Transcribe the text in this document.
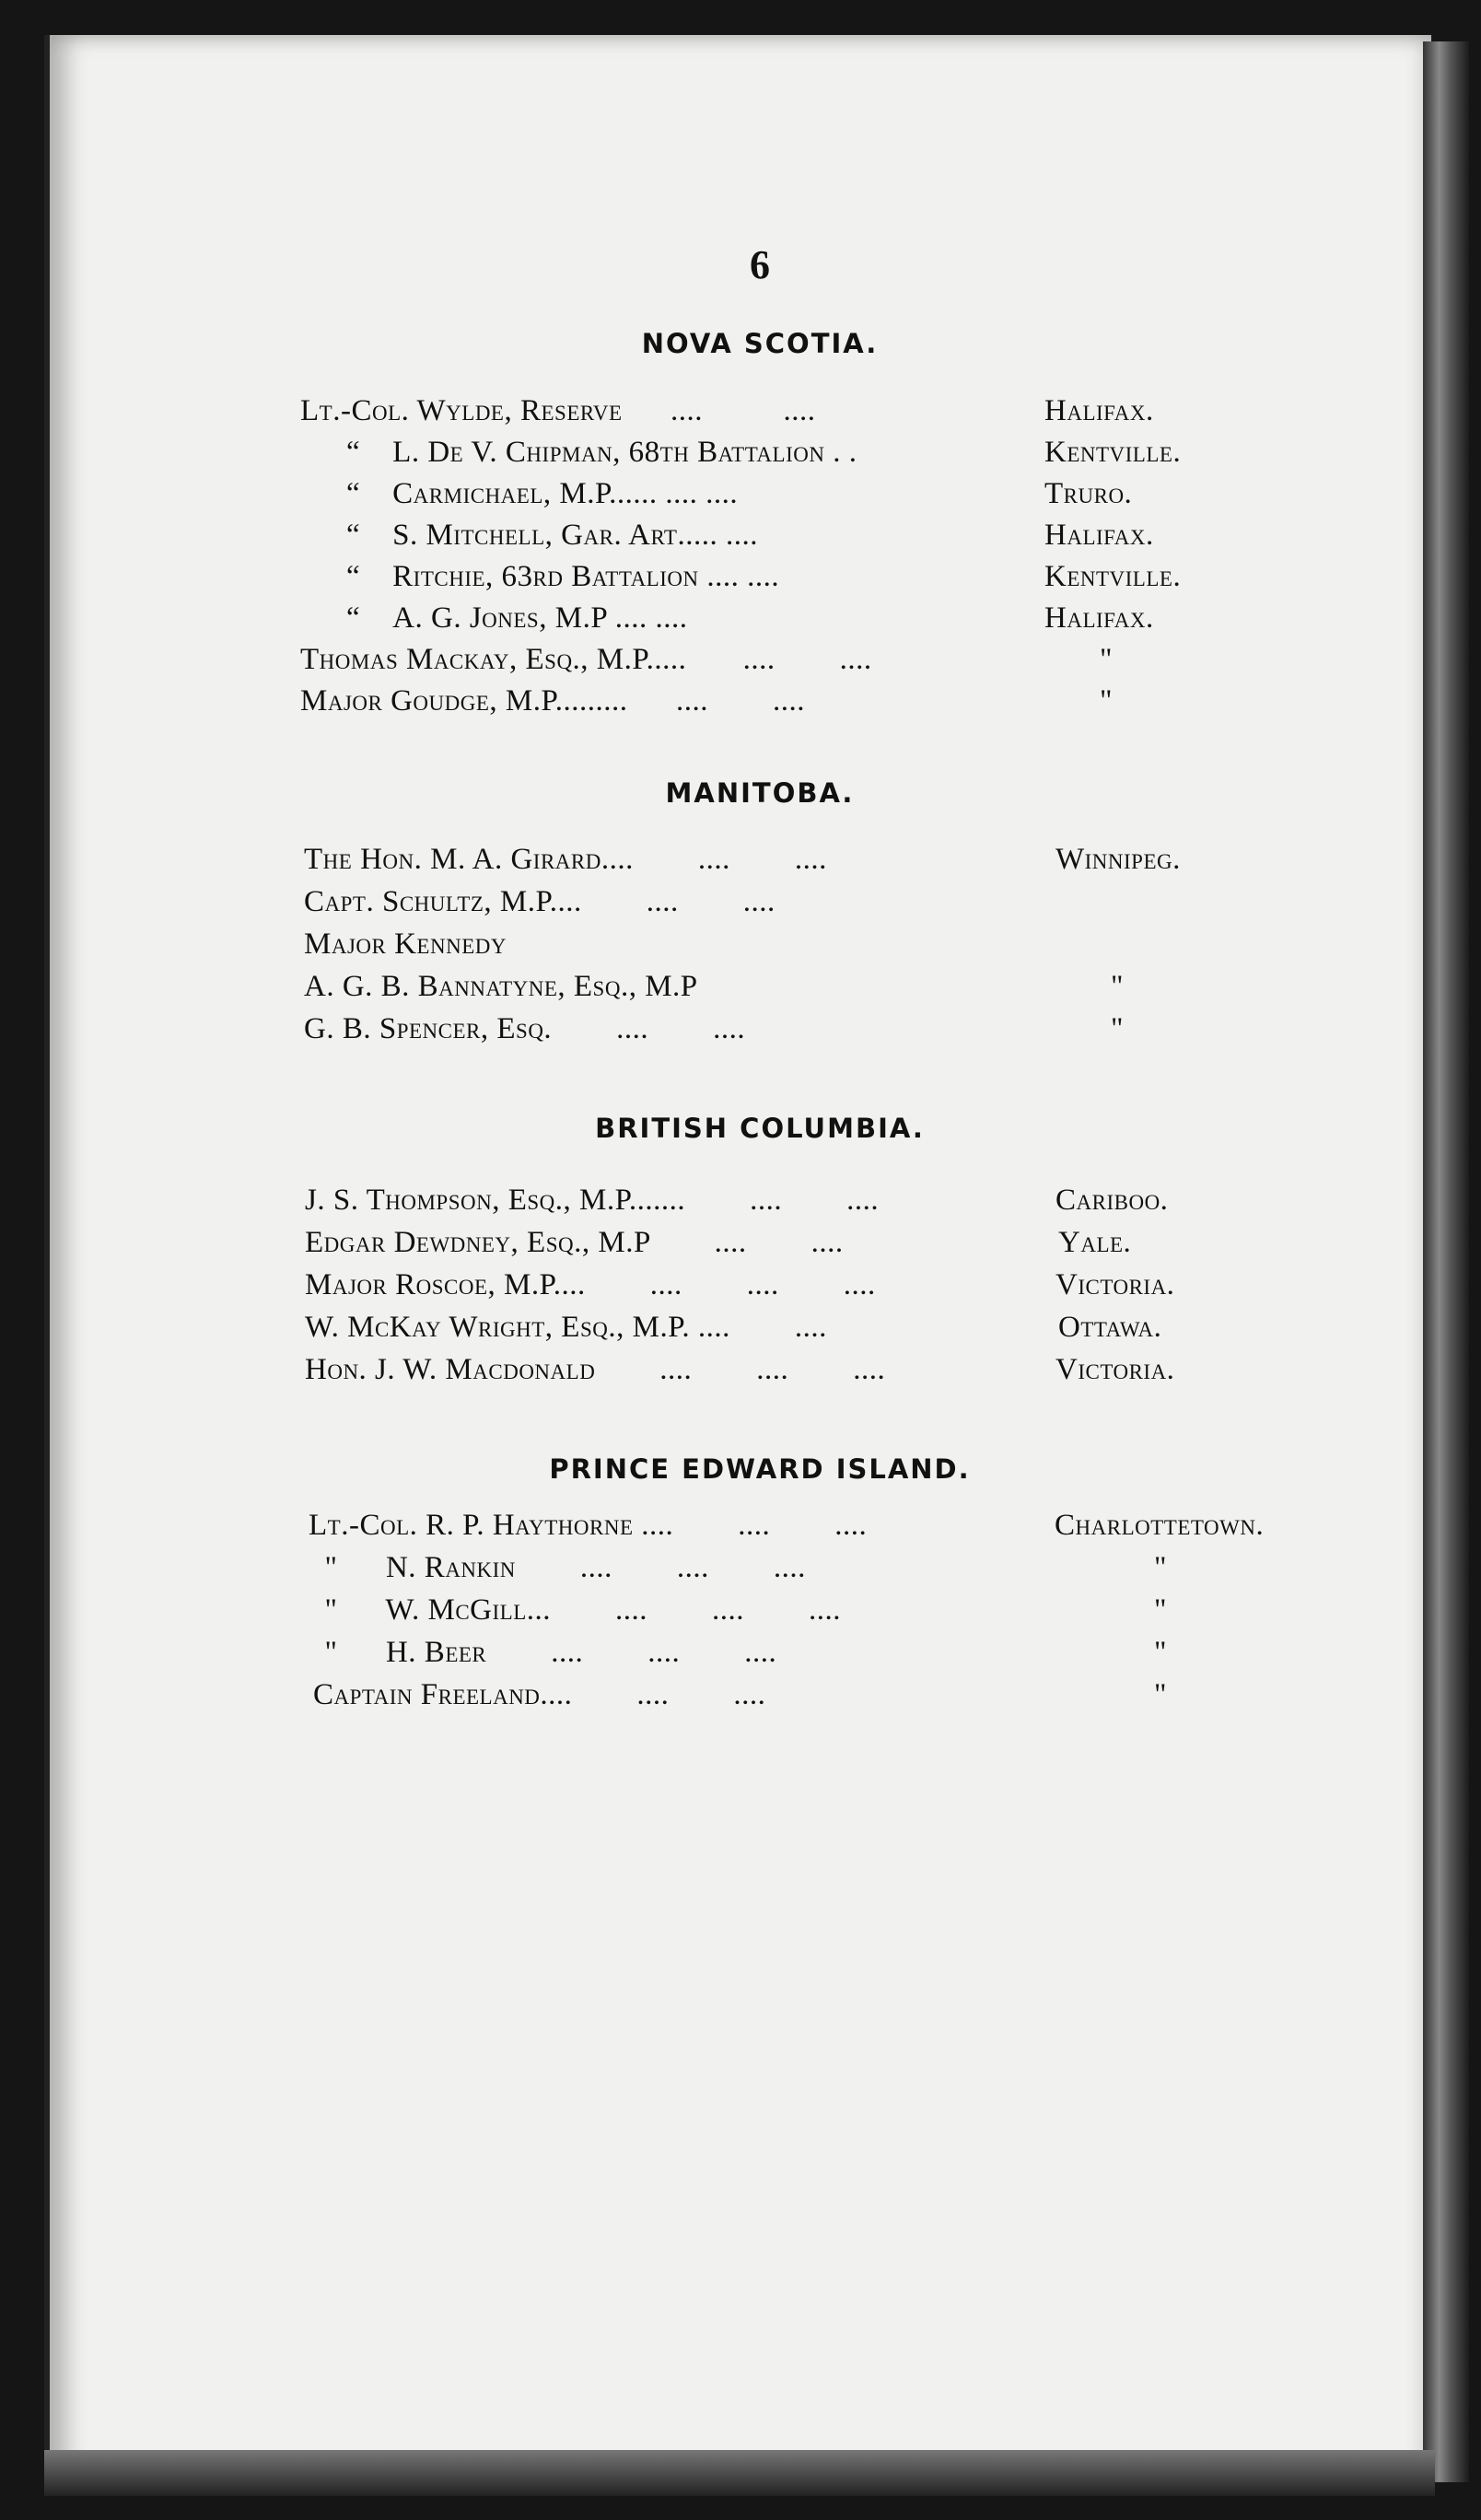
6
NOVA SCOTIA.
Lt.-Col. Wylde, Reserve      ....          ....	Halifax.
“    L. De V. Chipman, 68th Battalion . .	Kentville.
“    Carmichael, M.P...... .... ....	Truro.
“    S. Mitchell, Gar. Art..... ....	Halifax.
“    Ritchie, 63rd Battalion .... ....	Kentville.
“    A. G. Jones, M.P .... ....	Halifax.
Thomas Mackay, Esq., M.P.....       ....        ....	"
Major Goudge, M.P.........      ....        ....	"
MANITOBA.
The Hon. M. A. Girard....        ....        ....	Winnipeg.
Capt. Schultz, M.P....        ....        ....
Major Kennedy
A. G. B. Bannatyne, Esq., M.P	"
G. B. Spencer, Esq.        ....        ....	"
BRITISH COLUMBIA.
J. S. Thompson, Esq., M.P.......        ....        ....	Cariboo.
Edgar Dewdney, Esq., M.P        ....        ....	Yale.
Major Roscoe, M.P....        ....        ....        ....	Victoria.
W. McKay Wright, Esq., M.P. ....        ....	Ottawa.
Hon. J. W. Macdonald        ....        ....        ....	Victoria.
PRINCE EDWARD ISLAND.
Lt.-Col. R. P. Haythorne ....        ....        ....	Charlottetown.
"      N. Rankin        ....        ....        ....	"
"      W. McGill...        ....        ....        ....	"
"      H. Beer        ....        ....        ....	"
Captain Freeland....        ....        ....	"
